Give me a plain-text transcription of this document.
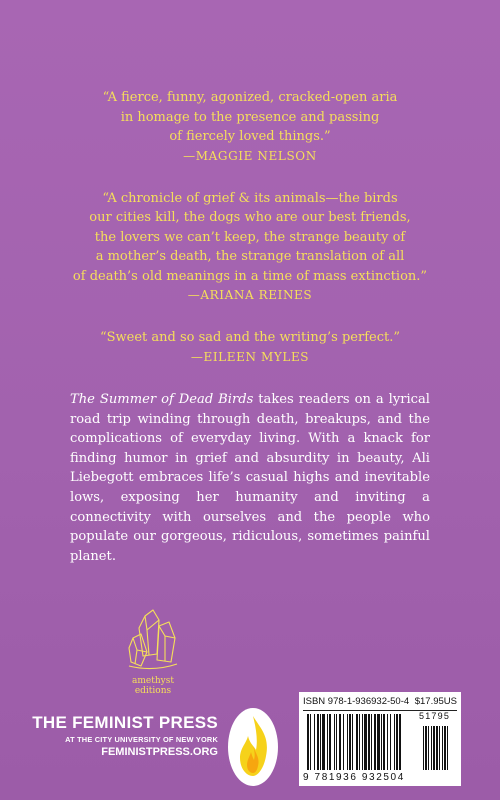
“A fierce, funny, agonized, cracked-open aria
in homage to the presence and passing
of fiercely loved things.”
—MAGGIE NELSON
“A chronicle of grief & its animals—the birds
our cities kill, the dogs who are our best friends,
the lovers we can’t keep, the strange beauty of
a mother’s death, the strange translation of all
of death’s old meanings in a time of mass extinction.”
—ARIANA REINES
“Sweet and so sad and the writing’s perfect.”
—EILEEN MYLES
The Summer of Dead Birds takes readers on a lyrical road trip winding through death, breakups, and the complications of everyday living. With a knack for finding humor in grief and absurdity in beauty, Ali Liebegott embraces life’s casual highs and inevitable lows, exposing her humanity and inviting a connectivity with ourselves and the people who populate our gorgeous, ridiculous, sometimes painful planet.
amethyst editions
THE FEMINIST PRESS
AT THE CITY UNIVERSITY OF NEW YORK
FEMINISTPRESS.ORG
ISBN 978-1-936932-50-4 $17.95US
51795
9 781936 932504
